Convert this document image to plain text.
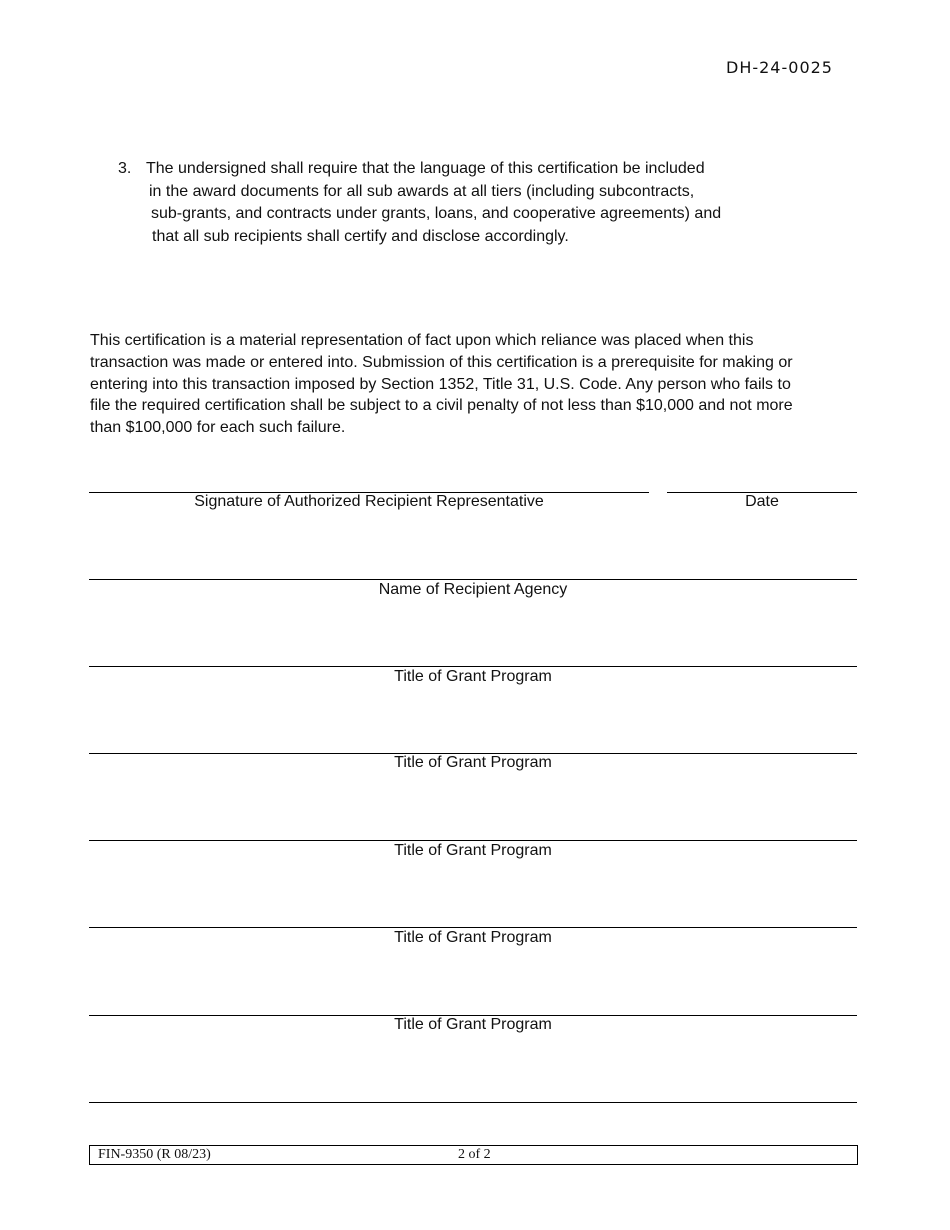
DH-24-0025
3. The undersigned shall require that the language of this certification be included
in the award documents for all sub awards at all tiers (including subcontracts,
sub-grants, and contracts under grants, loans, and cooperative agreements) and
that all sub recipients shall certify and disclose accordingly.
This certification is a material representation of fact upon which reliance was placed when this
transaction was made or entered into. Submission of this certification is a prerequisite for making or
entering into this transaction imposed by Section 1352, Title 31, U.S. Code. Any person who fails to
file the required certification shall be subject to a civil penalty of not less than $10,000 and not more
than $100,000 for each such failure.
Signature of Authorized Recipient Representative	Date
Name of Recipient Agency
Title of Grant Program
Title of Grant Program
Title of Grant Program
Title of Grant Program
Title of Grant Program
FIN-9350 (R 08/23)	2 of 2
